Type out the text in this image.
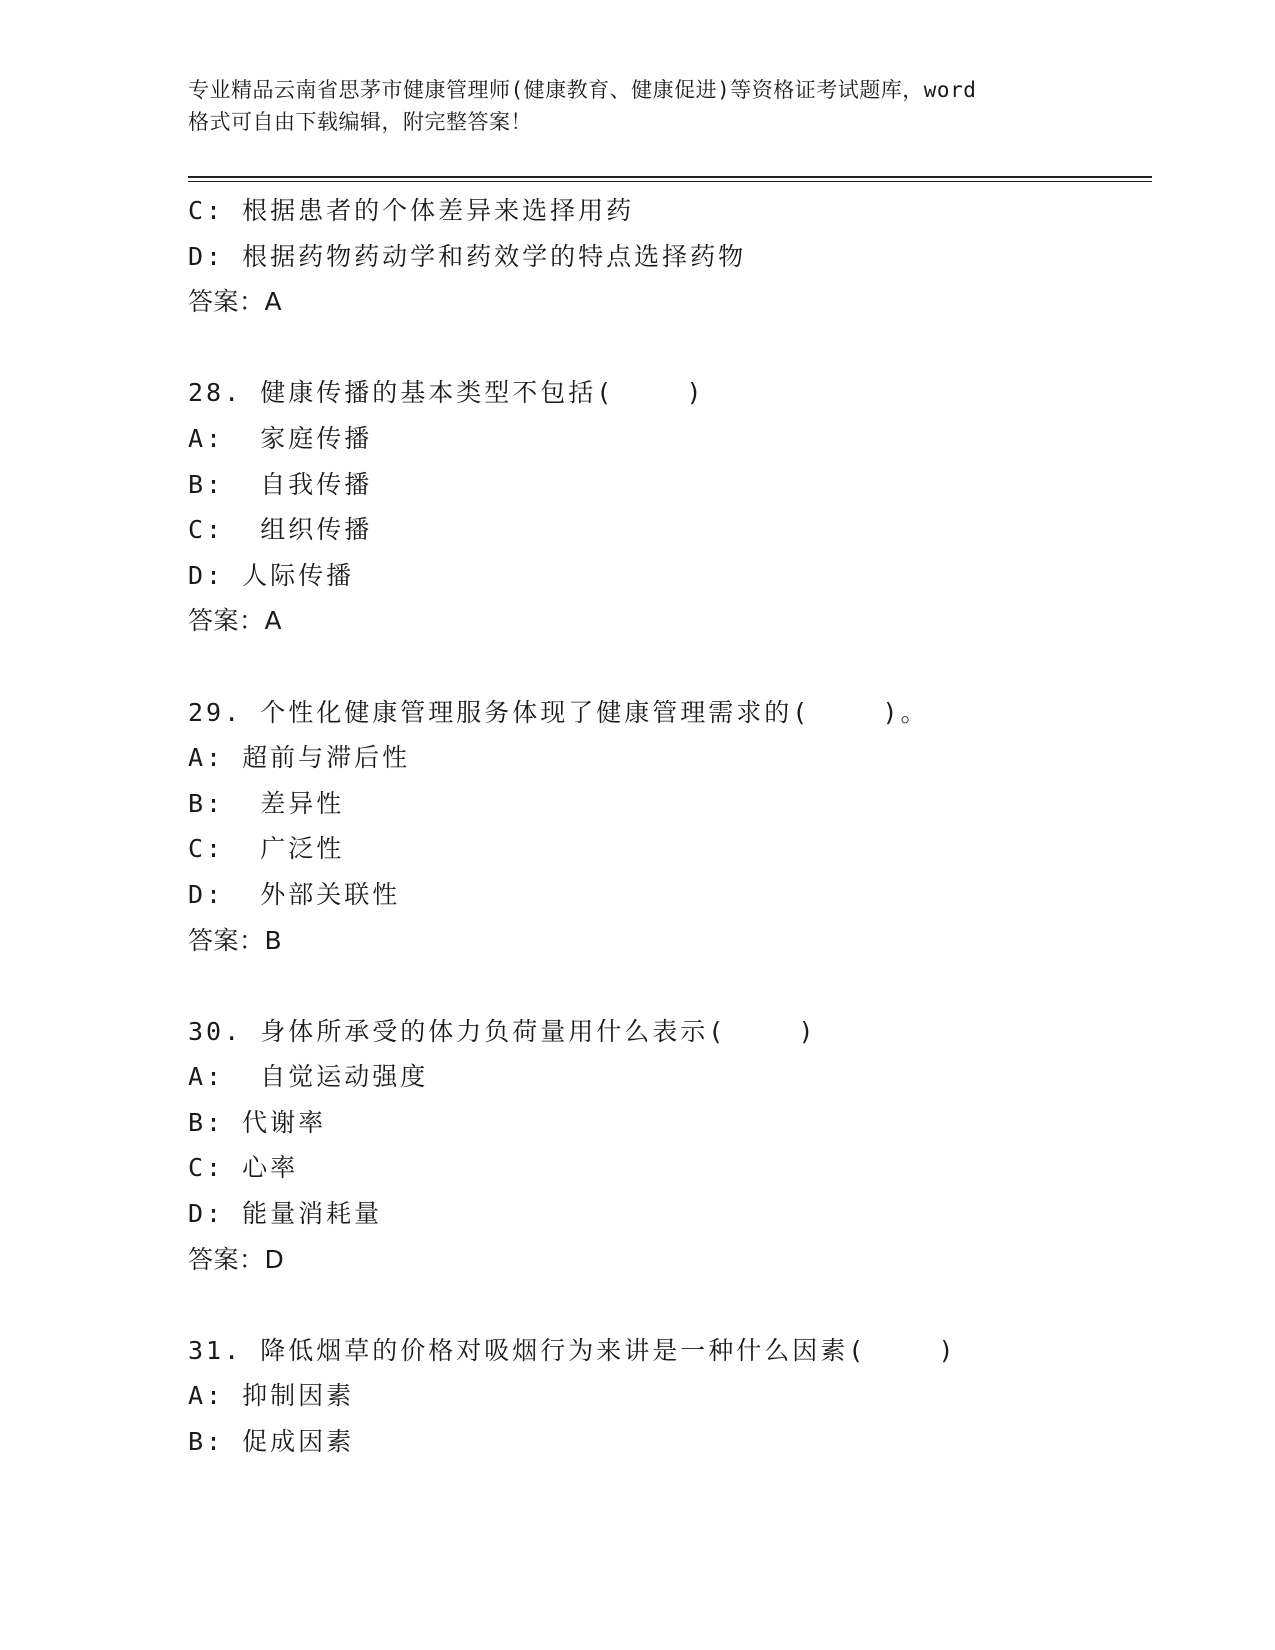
专业精品云南省思茅市健康管理师(健康教育、健康促进)等资格证考试题库，word
格式可自由下载编辑，附完整答案！
C: 根据患者的个体差异来选择用药
D: 根据药物药动学和药效学的特点选择药物
答案：A
28. 健康传播的基本类型不包括(    )
A:  家庭传播
B:  自我传播
C:  组织传播
D: 人际传播
答案：A
29. 个性化健康管理服务体现了健康管理需求的(    )。
A: 超前与滞后性
B:  差异性
C:  广泛性
D:  外部关联性
答案：B
30. 身体所承受的体力负荷量用什么表示(    )
A:  自觉运动强度
B: 代谢率
C: 心率
D: 能量消耗量
答案：D
31. 降低烟草的价格对吸烟行为来讲是一种什么因素(    )
A: 抑制因素
B: 促成因素
